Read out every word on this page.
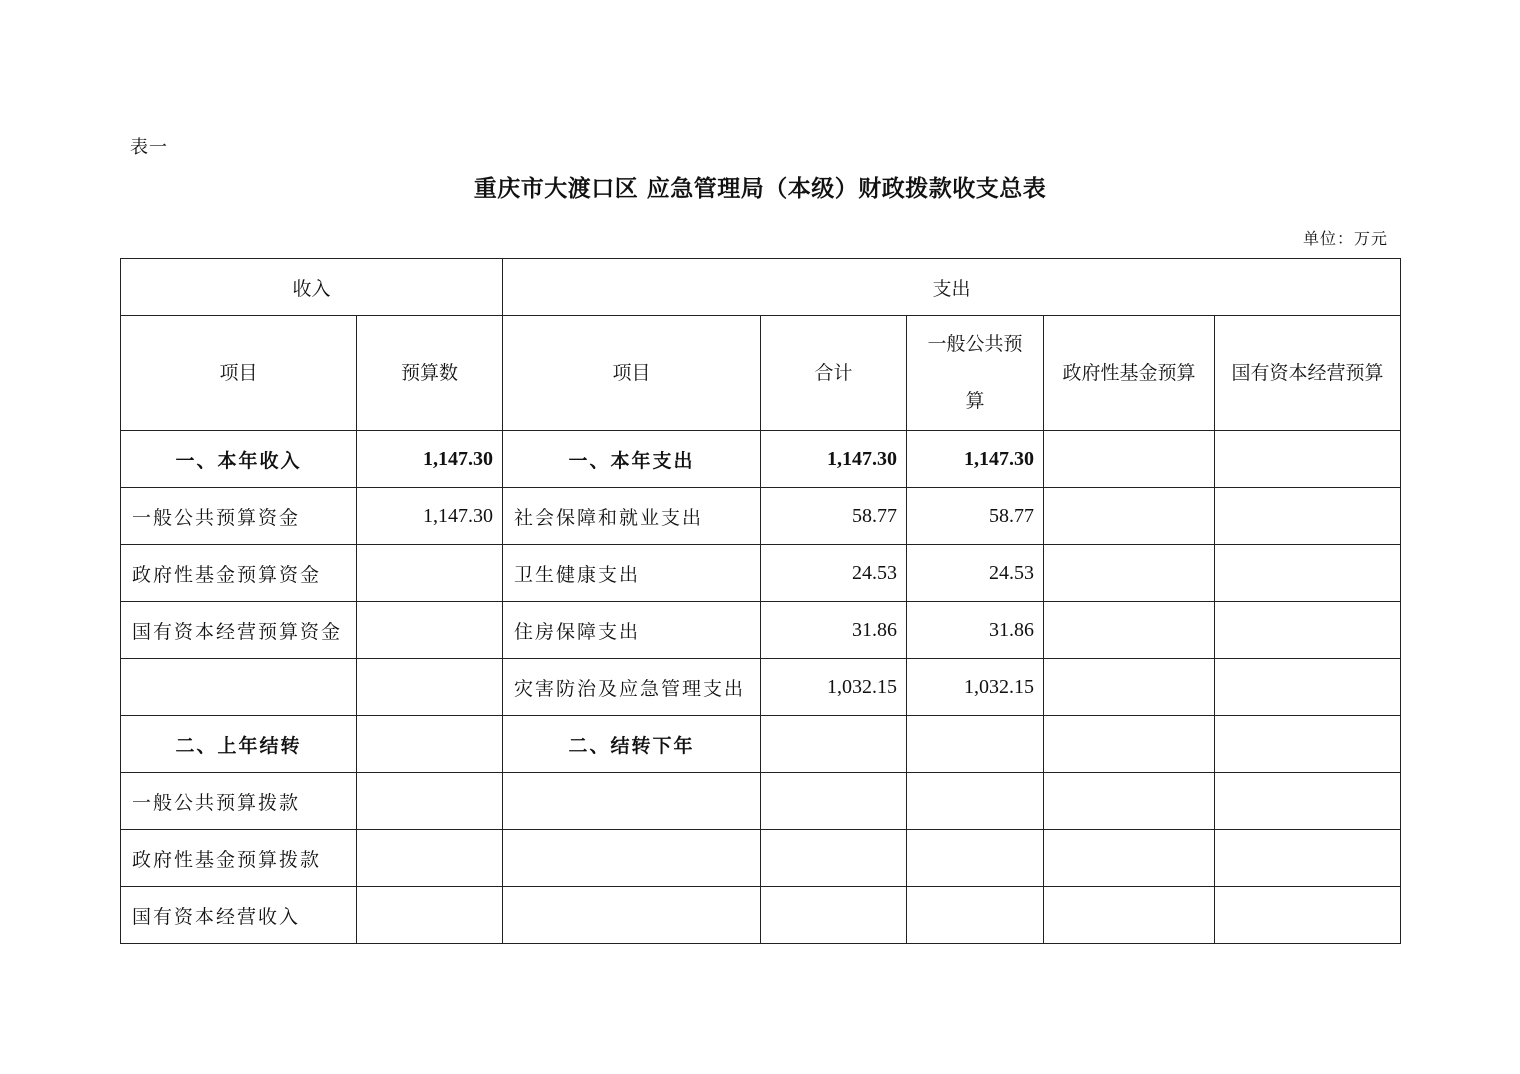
表一
重庆市大渡口区 应急管理局（本级）财政拨款收支总表
单位：万元
收入		支出				
项目	预算数	项目	合计	一般公共预算	政府性基金预算	国有资本经营预算
一、本年收入	1,147.30	一、本年支出	1,147.30	1,147.30		
一般公共预算资金	1,147.30	社会保障和就业支出	58.77	58.77		
政府性基金预算资金		卫生健康支出	24.53	24.53		
国有资本经营预算资金		住房保障支出	31.86	31.86		
		灾害防治及应急管理支出	1,032.15	1,032.15		
二、上年结转		二、结转下年				
一般公共预算拨款						
政府性基金预算拨款						
国有资本经营收入						
